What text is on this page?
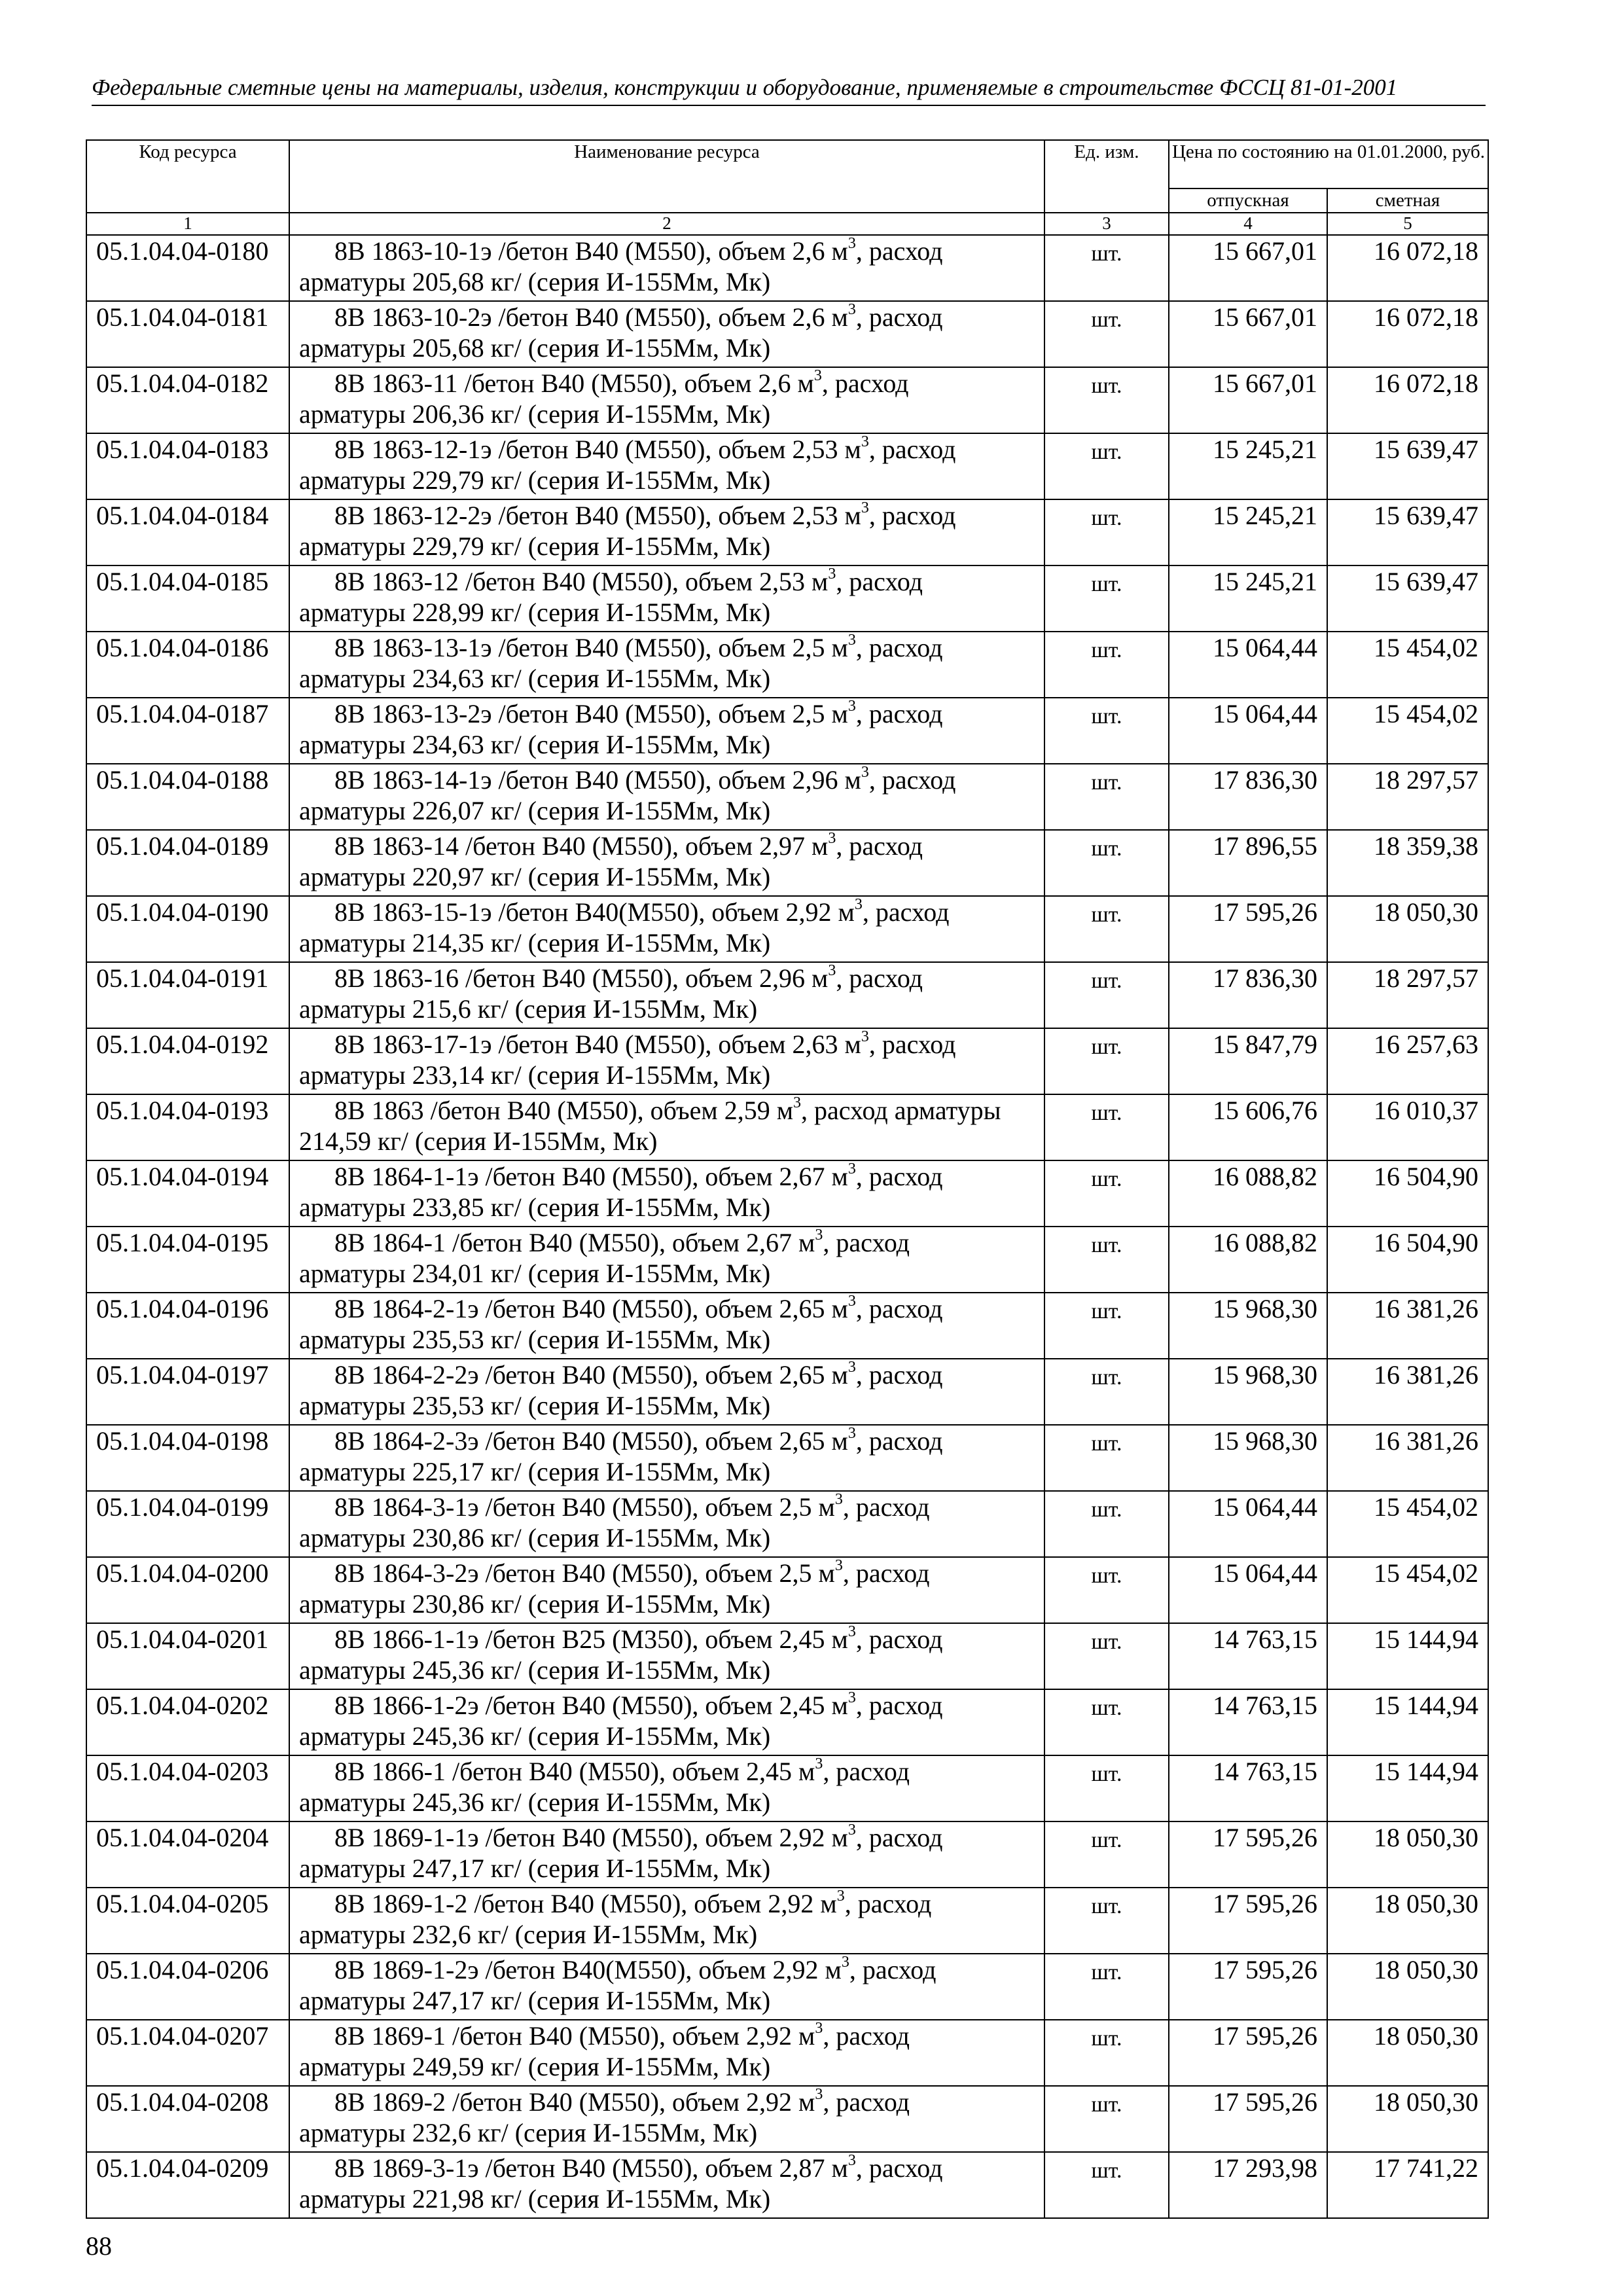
Федеральные сметные цены на материалы, изделия, конструкции и оборудование, применяемые в строительстве ФССЦ 81-01-2001
Код ресурса	Наименование ресурса	Ед. изм.	Цена по состоянию на 01.01.2000, руб.	
			отпускная	сметная
1	2	3	4	5
05.1.04.04-0180	8В 1863-10-1э /бетон В40 (М550), объем 2,6 $м^3$, расход
арматуры 205,68 кг/ (серия И-155Мм, Мк)	шт.	15 667,01	16 072,18
05.1.04.04-0181	8В 1863-10-2э /бетон В40 (М550), объем 2,6 $м^3$, расход
арматуры 205,68 кг/ (серия И-155Мм, Мк)	шт.	15 667,01	16 072,18
05.1.04.04-0182	8В 1863-11 /бетон В40 (М550), объем 2,6 $м^3$, расход
арматуры 206,36 кг/ (серия И-155Мм, Мк)	шт.	15 667,01	16 072,18
05.1.04.04-0183	8В 1863-12-1э /бетон В40 (М550), объем 2,53 $м^3$, расход
арматуры 229,79 кг/ (серия И-155Мм, Мк)	шт.	15 245,21	15 639,47
05.1.04.04-0184	8В 1863-12-2э /бетон В40 (М550), объем 2,53 $м^3$, расход
арматуры 229,79 кг/ (серия И-155Мм, Мк)	шт.	15 245,21	15 639,47
05.1.04.04-0185	8В 1863-12 /бетон В40 (М550), объем 2,53 $м^3$, расход
арматуры 228,99 кг/ (серия И-155Мм, Мк)	шт.	15 245,21	15 639,47
05.1.04.04-0186	8В 1863-13-1э /бетон В40 (М550), объем 2,5 $м^3$, расход
арматуры 234,63 кг/ (серия И-155Мм, Мк)	шт.	15 064,44	15 454,02
05.1.04.04-0187	8В 1863-13-2э /бетон В40 (М550), объем 2,5 $м^3$, расход
арматуры 234,63 кг/ (серия И-155Мм, Мк)	шт.	15 064,44	15 454,02
05.1.04.04-0188	8В 1863-14-1э /бетон В40 (М550), объем 2,96 $м^3$, расход
арматуры 226,07 кг/ (серия И-155Мм, Мк)	шт.	17 836,30	18 297,57
05.1.04.04-0189	8В 1863-14 /бетон В40 (М550), объем 2,97 $м^3$, расход
арматуры 220,97 кг/ (серия И-155Мм, Мк)	шт.	17 896,55	18 359,38
05.1.04.04-0190	8В 1863-15-1э /бетон В40(М550), объем 2,92 $м^3$, расход
арматуры 214,35 кг/ (серия И-155Мм, Мк)	шт.	17 595,26	18 050,30
05.1.04.04-0191	8В 1863-16 /бетон В40 (М550), объем 2,96 $м^3$, расход
арматуры 215,6 кг/ (серия И-155Мм, Мк)	шт.	17 836,30	18 297,57
05.1.04.04-0192	8В 1863-17-1э /бетон В40 (М550), объем 2,63 $м^3$, расход
арматуры 233,14 кг/ (серия И-155Мм, Мк)	шт.	15 847,79	16 257,63
05.1.04.04-0193	8В 1863 /бетон В40 (М550), объем 2,59 $м^3$, расход арматуры
214,59 кг/ (серия И-155Мм, Мк)	шт.	15 606,76	16 010,37
05.1.04.04-0194	8В 1864-1-1э /бетон В40 (М550), объем 2,67 $м^3$, расход
арматуры 233,85 кг/ (серия И-155Мм, Мк)	шт.	16 088,82	16 504,90
05.1.04.04-0195	8В 1864-1 /бетон В40 (М550), объем 2,67 $м^3$, расход
арматуры 234,01 кг/ (серия И-155Мм, Мк)	шт.	16 088,82	16 504,90
05.1.04.04-0196	8В 1864-2-1э /бетон В40 (М550), объем 2,65 $м^3$, расход
арматуры 235,53 кг/ (серия И-155Мм, Мк)	шт.	15 968,30	16 381,26
05.1.04.04-0197	8В 1864-2-2э /бетон В40 (М550), объем 2,65 $м^3$, расход
арматуры 235,53 кг/ (серия И-155Мм, Мк)	шт.	15 968,30	16 381,26
05.1.04.04-0198	8В 1864-2-3э /бетон В40 (М550), объем 2,65 $м^3$, расход
арматуры 225,17 кг/ (серия И-155Мм, Мк)	шт.	15 968,30	16 381,26
05.1.04.04-0199	8В 1864-3-1э /бетон В40 (М550), объем 2,5 $м^3$, расход
арматуры 230,86 кг/ (серия И-155Мм, Мк)	шт.	15 064,44	15 454,02
05.1.04.04-0200	8В 1864-3-2э /бетон В40 (М550), объем 2,5 $м^3$, расход
арматуры 230,86 кг/ (серия И-155Мм, Мк)	шт.	15 064,44	15 454,02
05.1.04.04-0201	8В 1866-1-1э /бетон В25 (М350), объем 2,45 $м^3$, расход
арматуры 245,36 кг/ (серия И-155Мм, Мк)	шт.	14 763,15	15 144,94
05.1.04.04-0202	8В 1866-1-2э /бетон В40 (М550), объем 2,45 $м^3$, расход
арматуры 245,36 кг/ (серия И-155Мм, Мк)	шт.	14 763,15	15 144,94
05.1.04.04-0203	8В 1866-1 /бетон В40 (М550), объем 2,45 $м^3$, расход
арматуры 245,36 кг/ (серия И-155Мм, Мк)	шт.	14 763,15	15 144,94
05.1.04.04-0204	8В 1869-1-1э /бетон В40 (М550), объем 2,92 $м^3$, расход
арматуры 247,17 кг/ (серия И-155Мм, Мк)	шт.	17 595,26	18 050,30
05.1.04.04-0205	8В 1869-1-2 /бетон В40 (М550), объем 2,92 $м^3$, расход
арматуры 232,6 кг/ (серия И-155Мм, Мк)	шт.	17 595,26	18 050,30
05.1.04.04-0206	8В 1869-1-2э /бетон В40(М550), объем 2,92 $м^3$, расход
арматуры 247,17 кг/ (серия И-155Мм, Мк)	шт.	17 595,26	18 050,30
05.1.04.04-0207	8В 1869-1 /бетон В40 (М550), объем 2,92 $м^3$, расход
арматуры 249,59 кг/ (серия И-155Мм, Мк)	шт.	17 595,26	18 050,30
05.1.04.04-0208	8В 1869-2 /бетон В40 (М550), объем 2,92 $м^3$, расход
арматуры 232,6 кг/ (серия И-155Мм, Мк)	шт.	17 595,26	18 050,30
05.1.04.04-0209	8В 1869-3-1э /бетон В40 (М550), объем 2,87 $м^3$, расход
арматуры 221,98 кг/ (серия И-155Мм, Мк)	шт.	17 293,98	17 741,22
88
